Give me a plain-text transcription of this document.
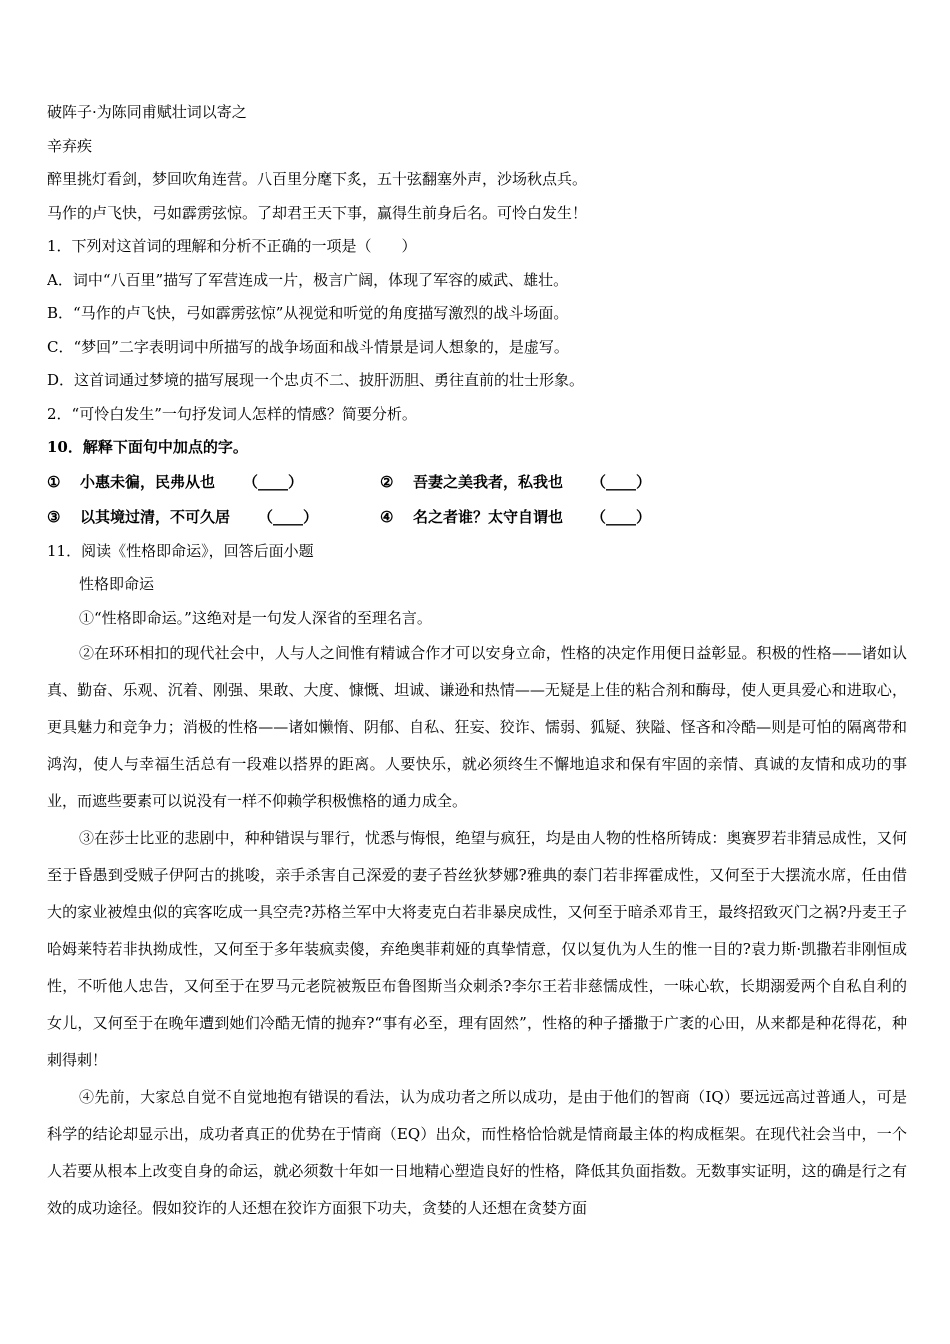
破阵子·为陈同甫赋壮词以寄之
辛弃疾
醉里挑灯看剑，梦回吹角连营。八百里分麾下炙，五十弦翻塞外声，沙场秋点兵。
马作的卢飞快，弓如霹雳弦惊。了却君王天下事，赢得生前身后名。可怜白发生！
1．下列对这首词的理解和分析不正确的一项是（　　）
A．词中“八百里”描写了军营连成一片，极言广阔，体现了军容的威武、雄壮。
B．“马作的卢飞快，弓如霹雳弦惊”从视觉和听觉的角度描写激烈的战斗场面。
C．“梦回”二字表明词中所描写的战争场面和战斗情景是词人想象的，是虚写。
D．这首词通过梦境的描写展现一个忠贞不二、披肝沥胆、勇往直前的壮士形象。
2．“可怜白发生”一句抒发词人怎样的情感？简要分析。
10．解释下面句中加点的字。
① 小惠未徧，民弗从也 （____）	② 吾妻之美我者，私我也 （____）
③ 以其境过清，不可久居 （____）	④ 名之者谁？太守自谓也 （____）
11．阅读《性格即命运》，回答后面小题
性格即命运
①“性格即命运。”这绝对是一句发人深省的至理名言。
②在环环相扣的现代社会中，人与人之间惟有精诚合作才可以安身立命，性格的决定作用便日益彰显。积极的性格——诸如认真、勤奋、乐观、沉着、刚强、果敢、大度、慷慨、坦诚、谦逊和热情——无疑是上佳的粘合剂和酶母，使人更具爱心和进取心，更具魅力和竞争力；消极的性格——诸如懒惰、阴郁、自私、狂妄、狡诈、懦弱、狐疑、狭隘、怪吝和冷酷—则是可怕的隔离带和鸿沟，使人与幸福生活总有一段难以搭界的距离。人要快乐，就必须终生不懈地追求和保有牢固的亲情、真诚的友情和成功的事业，而遮些要素可以说没有一样不仰赖学积极憔格的通力成全。
③在莎士比亚的悲剧中，种种错误与罪行，忧悉与悔恨，绝望与疯狂，均是由人物的性格所铸成：奥赛罗若非猜忌成性，又何至于昏愚到受贼子伊阿古的挑唆，亲手杀害自己深爱的妻子苔丝狄梦娜?雅典的泰门若非挥霍成性，又何至于大摆流水席，任由借大的家业被煌虫似的宾客吃成一具空壳?苏格兰军中大将麦克白若非暴戾成性，又何至于暗杀邓肯王，最终招致灭门之祸?丹麦王子哈姆莱特若非执拗成性，又何至于多年装疯卖傻，弃绝奥菲莉娅的真挚情意，仅以复仇为人生的惟一目的?袁力斯·凯撒若非刚恒成性，不听他人忠告，又何至于在罗马元老院被叛臣布鲁图斯当众刺杀?李尔王若非慈懦成性，一味心软，长期溺爱两个自私自利的女儿，又何至于在晚年遭到她们冷酷无情的抛弃?“事有必至，理有固然”，性格的种子播撒于广袤的心田，从来都是种花得花，种刺得刺！
④先前，大家总自觉不自觉地抱有错误的看法，认为成功者之所以成功，是由于他们的智商（IQ）要远远高过普通人，可是科学的结论却显示出，成功者真正的优势在于情商（EQ）出众，而性格恰恰就是情商最主体的构成框架。在现代社会当中，一个人若要从根本上改变自身的命运，就必须数十年如一日地精心塑造良好的性格，降低其负面指数。无数事实证明，这的确是行之有效的成功途径。假如狡诈的人还想在狡诈方面狠下功夫，贪婪的人还想在贪婪方面
